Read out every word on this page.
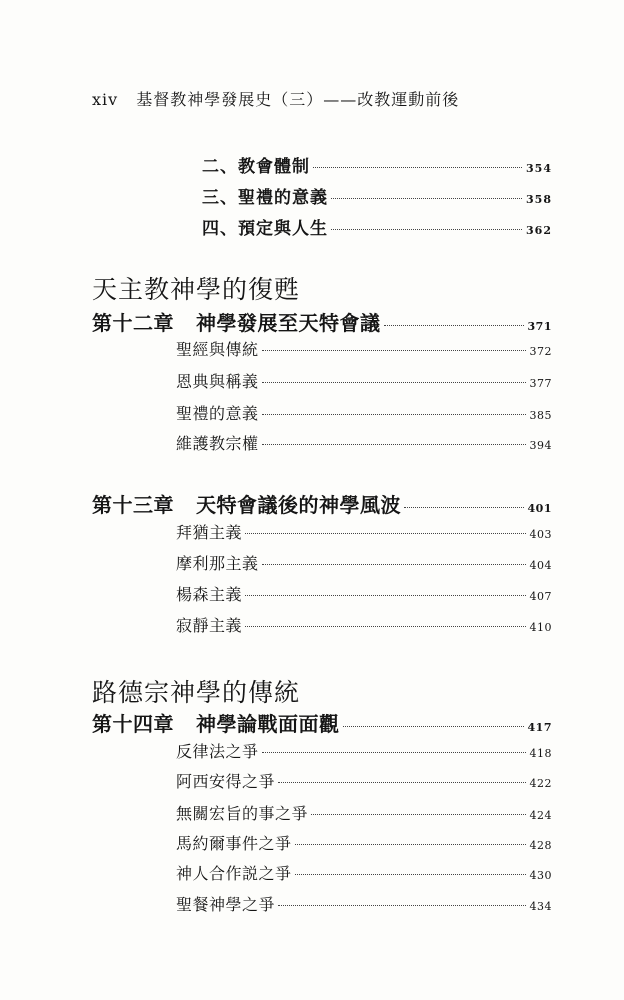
xiv 基督教神學發展史（三）——改教運動前後
二、教會體制	354
三、聖禮的意義	358
四、預定與人生	362
天主教神學的復甦
第十二章 神學發展至天特會議	371
聖經與傳統	372
恩典與稱義	377
聖禮的意義	385
維護教宗權	394
第十三章 天特會議後的神學風波	401
拜猶主義	403
摩利那主義	404
楊森主義	407
寂靜主義	410
路德宗神學的傳統
第十四章 神學論戰面面觀	417
反律法之爭	418
阿西安得之爭	422
無關宏旨的事之爭	424
馬約爾事件之爭	428
神人合作説之爭	430
聖餐神學之爭	434
